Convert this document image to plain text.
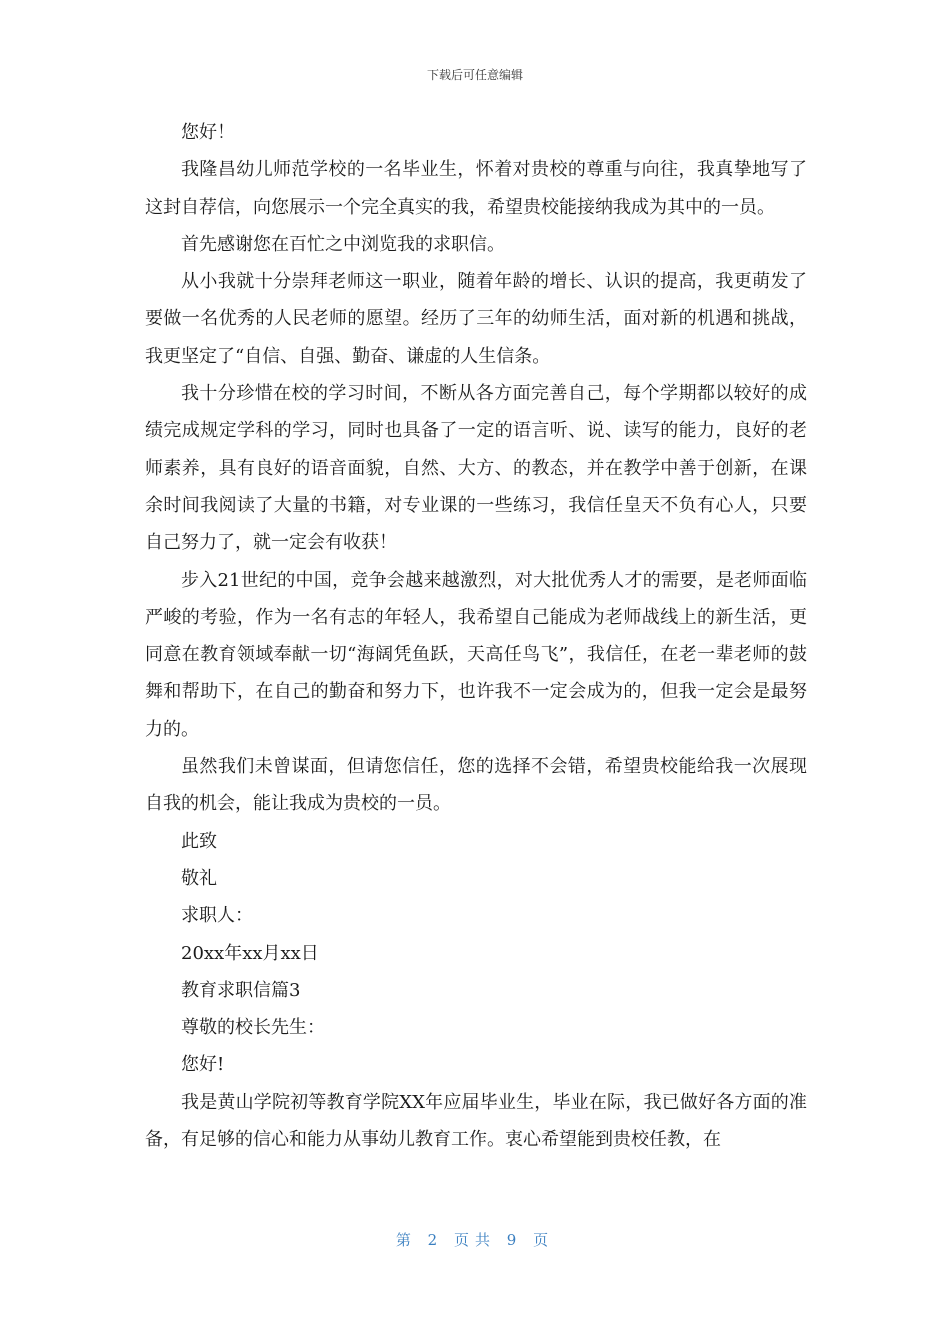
下载后可任意编辑

您好！

我隆昌幼儿师范学校的一名毕业生，怀着对贵校的尊重与向往，我真挚地写了这封自荐信，向您展示一个完全真实的我，希望贵校能接纳我成为其中的一员。

首先感谢您在百忙之中浏览我的求职信。

从小我就十分崇拜老师这一职业，随着年龄的增长、认识的提高，我更萌发了要做一名优秀的人民老师的愿望。经历了三年的幼师生活，面对新的机遇和挑战，我更坚定了“自信、自强、勤奋、谦虚的人生信条。

我十分珍惜在校的学习时间，不断从各方面完善自己，每个学期都以较好的成绩完成规定学科的学习，同时也具备了一定的语言听、说、读写的能力，良好的老师素养，具有良好的语音面貌，自然、大方、的教态，并在教学中善于创新，在课余时间我阅读了大量的书籍，对专业课的一些练习，我信任皇天不负有心人，只要自己努力了，就一定会有收获！

步入21世纪的中国，竞争会越来越激烈，对大批优秀人才的需要，是老师面临严峻的考验，作为一名有志的年轻人，我希望自己能成为老师战线上的新生活，更同意在教育领域奉献一切“海阔凭鱼跃，天高任鸟飞”，我信任，在老一辈老师的鼓舞和帮助下，在自己的勤奋和努力下，也许我不一定会成为的，但我一定会是最努力的。

虽然我们未曾谋面，但请您信任，您的选择不会错，希望贵校能给我一次展现自我的机会，能让我成为贵校的一员。

此致

敬礼

求职人：

20xx年xx月xx日

教育求职信篇3

尊敬的校长先生：

您好!

我是黄山学院初等教育学院XX年应届毕业生，毕业在际，我已做好各方面的准备，有足够的信心和能力从事幼儿教育工作。衷心希望能到贵校任教，在

第 2 页共 9 页
